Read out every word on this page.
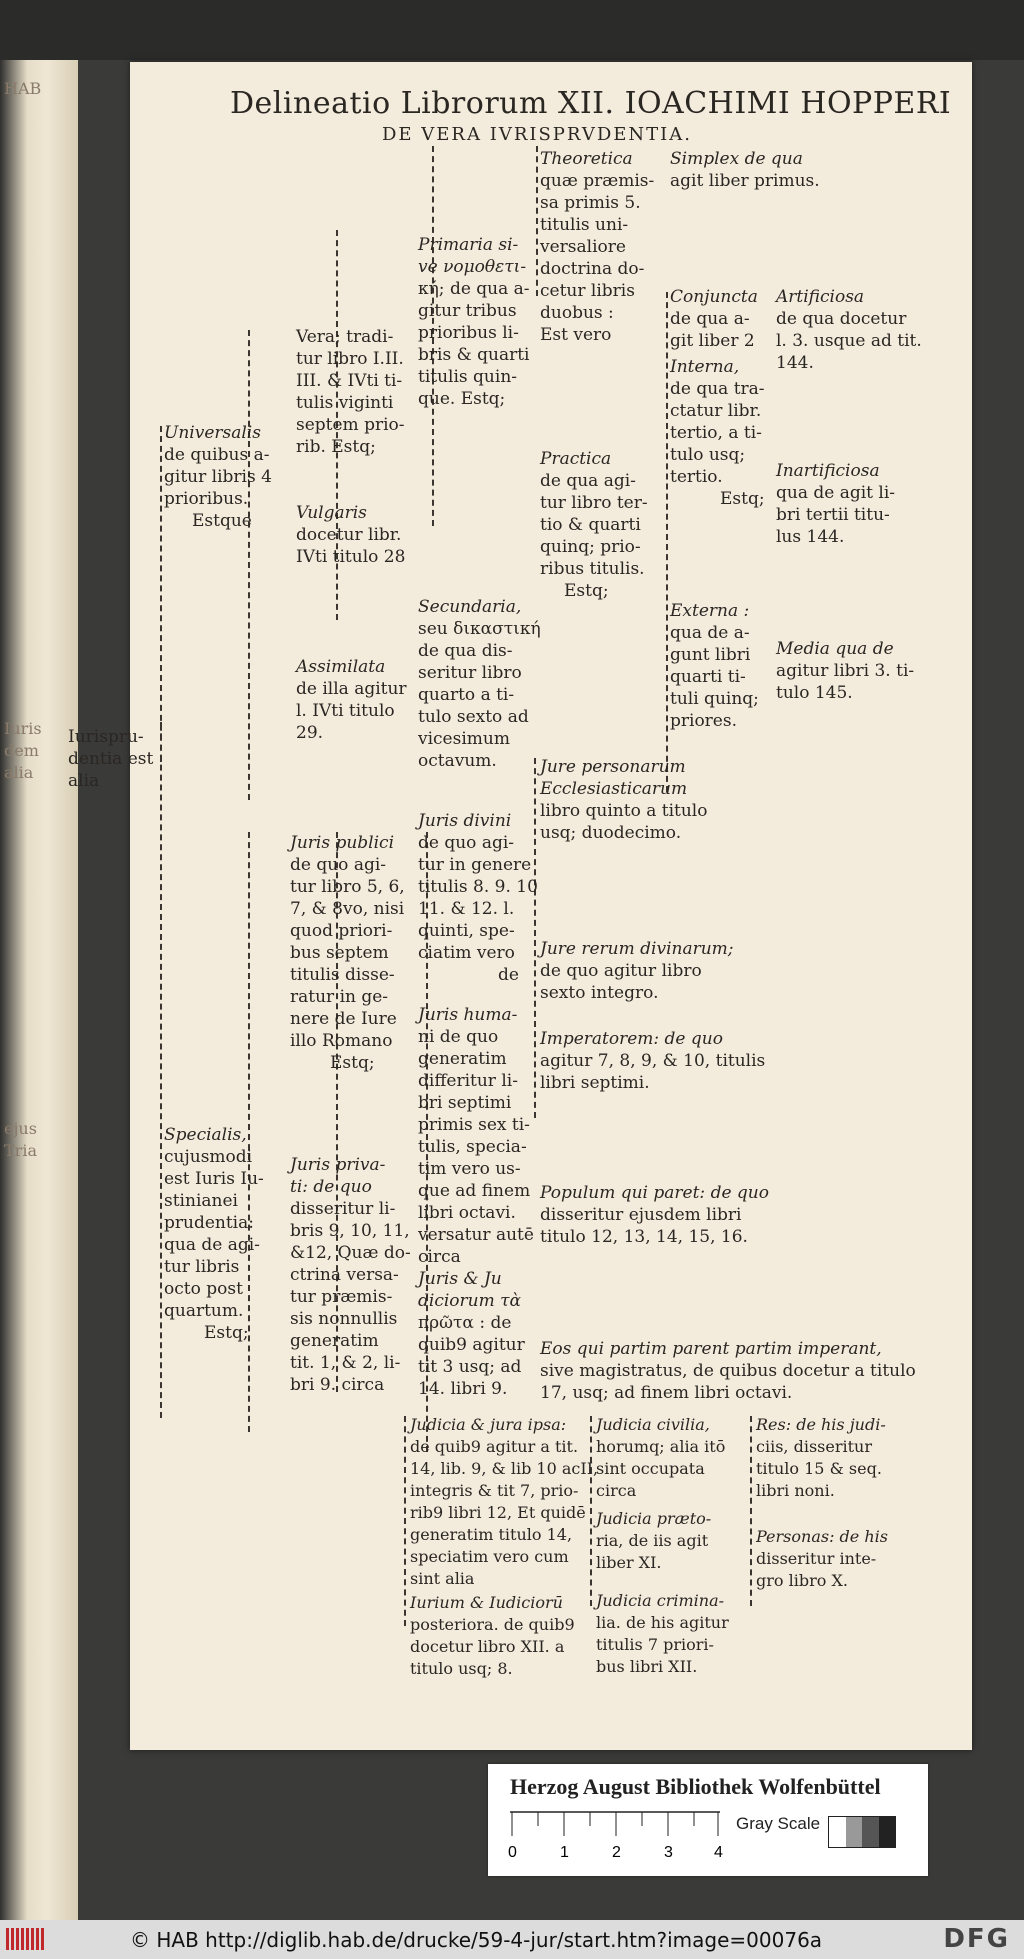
HAB
Iuris
dem
alia
ejus
Tria
Delineatio Librorum XII. IOACHIMI HOPPERI
DE VERA IVRISPRVDENTIA.
Iurispru-
dentia est
alia
Universalis
de quibus a-
gitur libris 4
prioribus.
Estque
Vera; tradi-
tur libro I.II.
III. & IVti ti-
tulis viginti
septem prio-
rib. Estq;
Vulgaris
docetur libr.
IVti titulo 28
Assimilata
de illa agitur
l. IVti titulo
29.
Primaria si-
ve νομοθετι-
κή; de qua a-
gitur tribus
prioribus li-
bris & quarti
titulis quin-
que. Estq;
Secundaria,
seu δικαστική
de qua dis-
seritur libro
quarto a ti-
tulo sexto ad
vicesimum
octavum.
Theoretica
quæ præmis-
sa primis 5.
titulis uni-
versaliore
doctrina do-
cetur libris
duobus :
Est vero
Practica
de qua agi-
tur libro ter-
tio & quarti
quinq; prio-
ribus titulis.
Estq;
Simplex de qua
agit liber primus.
Conjuncta
de qua a-
git liber 2
Interna,
de qua tra-
ctatur libr.
tertio, a ti-
tulo usq;
tertio.
Estq;
Externa :
qua de a-
gunt libri
quarti ti-
tuli quinq;
priores.
Artificiosa
de qua docetur
l. 3. usque ad tit.
144.
Inartificiosa
qua de agit li-
bri tertii titu-
lus 144.
Media qua de
agitur libri 3. ti-
tulo 145.
Jure personarum
Ecclesiasticarum
libro quinto a titulo
usq; duodecimo.
Jure rerum divinarum;
de quo agitur libro
sexto integro.
Imperatorem: de quo
agitur 7, 8, 9, & 10, titulis
libri septimi.
Populum qui paret: de quo
disseritur ejusdem libri
titulo 12, 13, 14, 15, 16.
Eos qui partim parent partim imperant,
sive magistratus, de quibus docetur a titulo
17, usq; ad finem libri octavi.
Specialis,
cujusmodi
est Iuris Iu-
stinianei
prudentia:
qua de agi-
tur libris
octo post
quartum.
Estq;
Juris publici
de quo agi-
tur libro 5, 6,
7, & 8vo, nisi
quod priori-
bus septem
titulis disse-
ratur in ge-
nere de Iure
illo Romano
Estq;
Juris priva-
ti: de quo
disseritur li-
bris 9, 10, 11,
&12, Quæ do-
ctrina versa-
tur præmis-
sis nonnullis
generatim
tit. 1, & 2, li-
bri 9. circa
Juris divini
de quo agi-
tur in genere
titulis 8. 9. 10
11. & 12. l.
quinti, spe-
ciatim vero
de
Juris huma-
ni de quo
generatim
differitur li-
bri septimi
primis sex ti-
tulis, specia-
tim vero us-
que ad finem
libri octavi.
versatur autē
circa
Juris & Ju
diciorum τὰ
πρῶτα : de
quib9 agitur
tit 3 usq; ad
14. libri 9.
Judicia & jura ipsa:
de quib9 agitur a tit.
14, lib. 9, & lib 10 acII,
integris & tit 7, prio-
rib9 libri 12, Et quidē
generatim titulo 14,
speciatim vero cum
sint alia
Iurium & Iudiciorū
posteriora. de quib9
docetur libro XII. a
titulo usq; 8.
Judicia civilia,
horumq; alia itō
sint occupata
circa
Judicia præto-
ria, de iis agit
liber XI.
Judicia crimina-
lia. de his agitur
titulis 7 priori-
bus libri XII.
Res: de his judi-
ciis, disseritur
titulo 15 & seq.
libri noni.
Personas: de his
disseritur inte-
gro libro X.
Herzog August Bibliothek Wolfenbüttel
0	1	2	3	4
Gray Scale
© HAB http://diglib.hab.de/drucke/59-4-jur/start.htm?image=00076a	DFG
